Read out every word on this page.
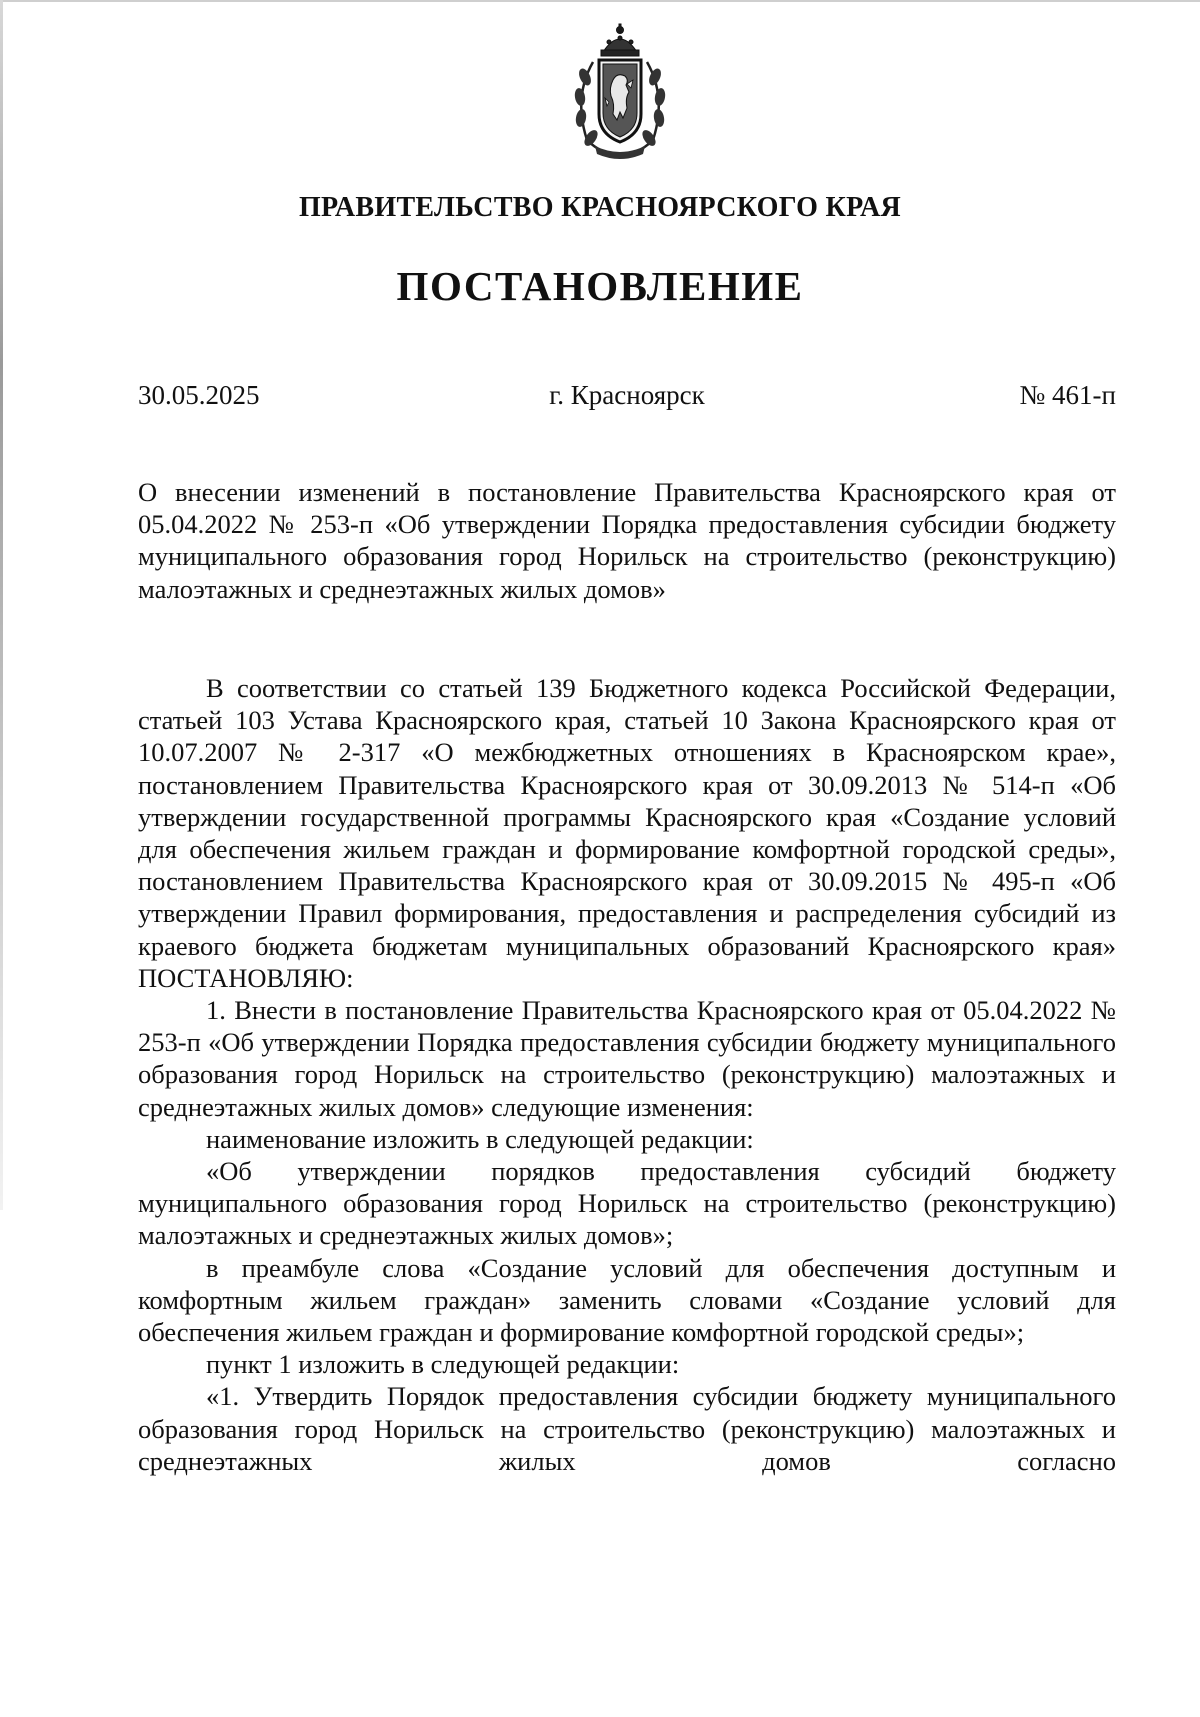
ПРАВИТЕЛЬСТВО КРАСНОЯРСКОГО КРАЯ
ПОСТАНОВЛЕНИЕ
30.05.2025	г. Красноярск	№ 461-п

О внесении изменений в постановление Правительства Красноярского края от 05.04.2022 № 253-п «Об утверждении Порядка предоставления субсидии бюджету муниципального образования город Норильск на строительство (реконструкцию) малоэтажных и среднеэтажных жилых домов»

В соответствии со статьей 139 Бюджетного кодекса Российской Федерации, статьей 103 Устава Красноярского края, статьей 10 Закона Красноярского края от 10.07.2007 № 2-317 «О межбюджетных отношениях в Красноярском крае», постановлением Правительства Красноярского края от 30.09.2013 № 514-п «Об утверждении государственной программы Красноярского края «Создание условий для обеспечения жильем граждан и формирование комфортной городской среды», постановлением Правительства Красноярского края от 30.09.2015 № 495-п «Об утверждении Правил формирования, предоставления и распределения субсидий из краевого бюджета бюджетам муниципальных образований Красноярского края» ПОСТАНОВЛЯЮ:

1. Внести в постановление Правительства Красноярского края от 05.04.2022 № 253-п «Об утверждении Порядка предоставления субсидии бюджету муниципального образования город Норильск на строительство (реконструкцию) малоэтажных и среднеэтажных жилых домов» следующие изменения:

наименование изложить в следующей редакции:

«Об утверждении порядков предоставления субсидий бюджету муниципального образования город Норильск на строительство (реконструкцию) малоэтажных и среднеэтажных жилых домов»;

в преамбуле слова «Создание условий для обеспечения доступным и комфортным жильем граждан» заменить словами «Создание условий для обеспечения жильем граждан и формирование комфортной городской среды»;

пункт 1 изложить в следующей редакции:

«1. Утвердить Порядок предоставления субсидии бюджету муниципального образования город Норильск на строительство (реконструкцию) малоэтажных и среднеэтажных жилых домов согласно
